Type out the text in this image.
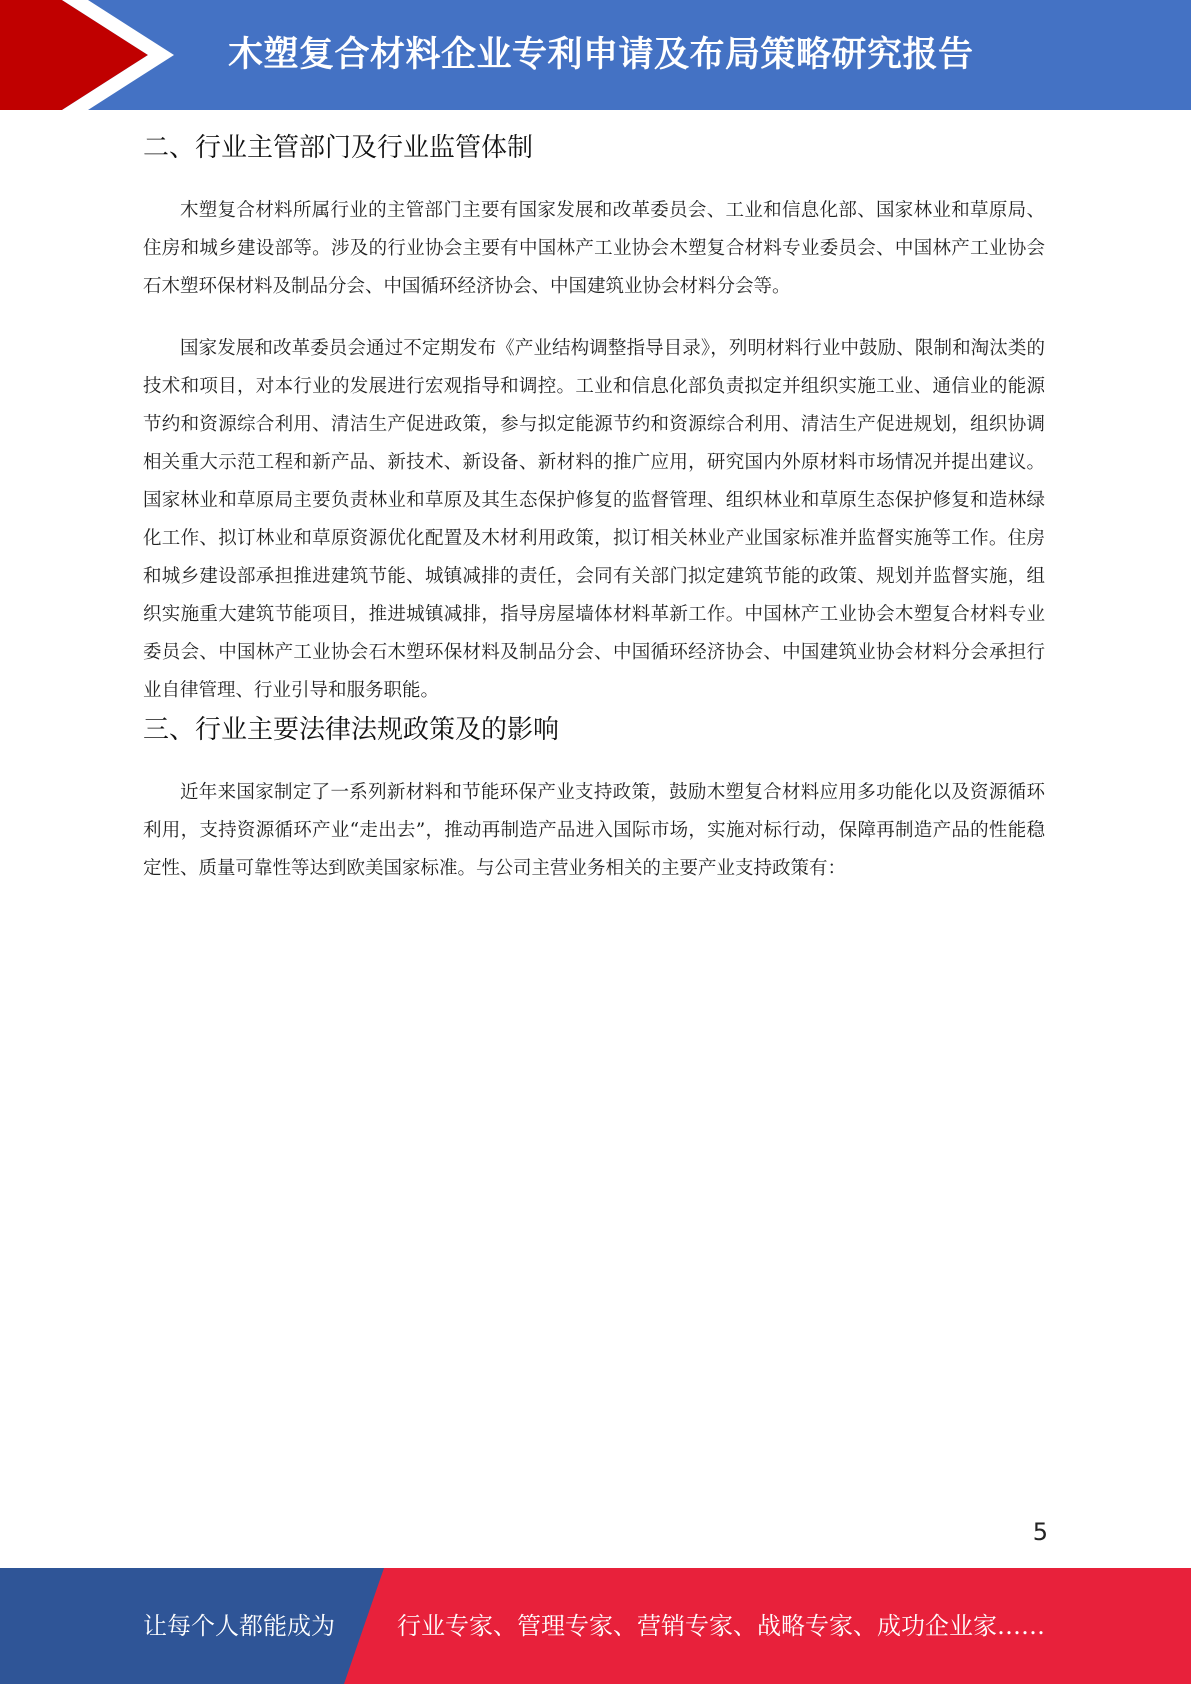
木塑复合材料企业专利申请及布局策略研究报告
二、行业主管部门及行业监管体制

木塑复合材料所属行业的主管部门主要有国家发展和改革委员会、工业和信息化部、国家林业和草原局、住房和城乡建设部等。涉及的行业协会主要有中国林产工业协会木塑复合材料专业委员会、中国林产工业协会石木塑环保材料及制品分会、中国循环经济协会、中国建筑业协会材料分会等。

国家发展和改革委员会通过不定期发布《产业结构调整指导目录》，列明材料行业中鼓励、限制和淘汰类的技术和项目，对本行业的发展进行宏观指导和调控。工业和信息化部负责拟定并组织实施工业、通信业的能源节约和资源综合利用、清洁生产促进政策，参与拟定能源节约和资源综合利用、清洁生产促进规划，组织协调相关重大示范工程和新产品、新技术、新设备、新材料的推广应用，研究国内外原材料市场情况并提出建议。国家林业和草原局主要负责林业和草原及其生态保护修复的监督管理、组织林业和草原生态保护修复和造林绿化工作、拟订林业和草原资源优化配置及木材利用政策，拟订相关林业产业国家标准并监督实施等工作。住房和城乡建设部承担推进建筑节能、城镇减排的责任，会同有关部门拟定建筑节能的政策、规划并监督实施，组织实施重大建筑节能项目，推进城镇减排，指导房屋墙体材料革新工作。中国林产工业协会木塑复合材料专业委员会、中国林产工业协会石木塑环保材料及制品分会、中国循环经济协会、中国建筑业协会材料分会承担行业自律管理、行业引导和服务职能。

三、行业主要法律法规政策及的影响

近年来国家制定了一系列新材料和节能环保产业支持政策，鼓励木塑复合材料应用多功能化以及资源循环利用，支持资源循环产业“走出去”，推动再制造产品进入国际市场，实施对标行动，保障再制造产品的性能稳定性、质量可靠性等达到欧美国家标准。与公司主营业务相关的主要产业支持政策有：

5
让每个人都能成为	行业专家、管理专家、营销专家、战略专家、成功企业家……
